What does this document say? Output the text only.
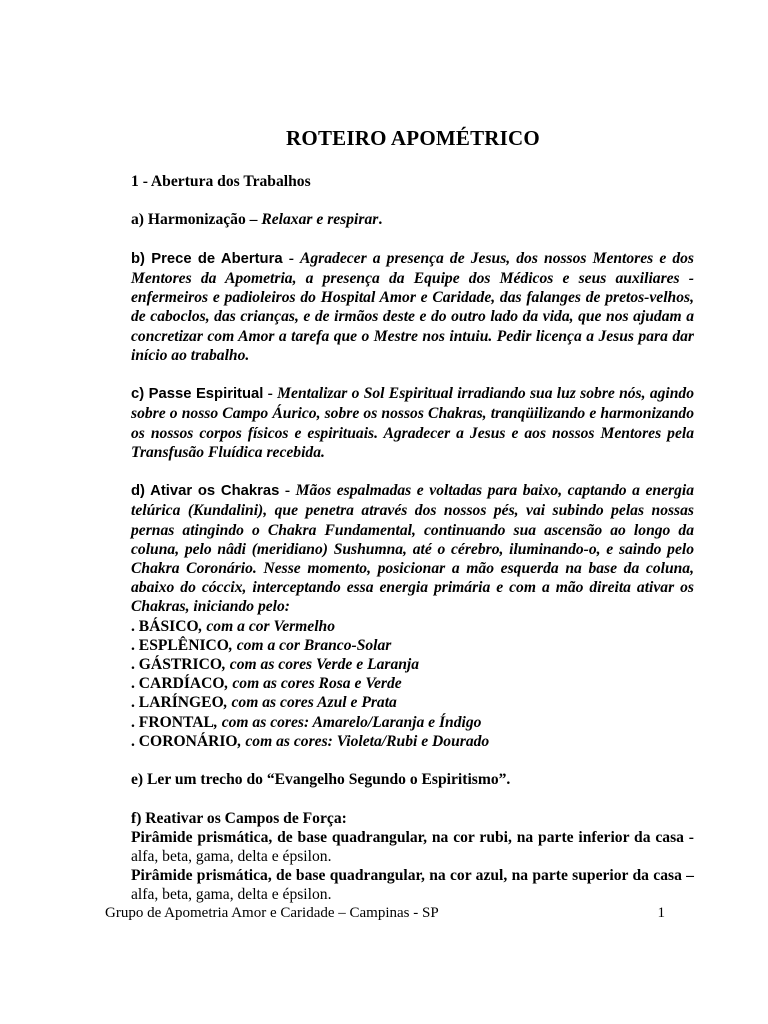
ROTEIRO APOMÉTRICO

1 - Abertura dos Trabalhos

a) Harmonização – Relaxar e respirar.

b) Prece de Abertura - Agradecer a presença de Jesus, dos nossos Mentores e dos Mentores da Apometria, a presença da Equipe dos Médicos e seus auxiliares - enfermeiros e padioleiros do Hospital Amor e Caridade, das falanges de pretos-velhos, de caboclos, das crianças, e de irmãos deste e do outro lado da vida, que nos ajudam a concretizar com Amor a tarefa que o Mestre nos intuiu. Pedir licença a Jesus para dar início ao trabalho.

c) Passe Espiritual - Mentalizar o Sol Espiritual irradiando sua luz sobre nós, agindo sobre o nosso Campo Áurico, sobre os nossos Chakras, tranqüilizando e harmonizando os nossos corpos físicos e espirituais. Agradecer a Jesus e aos nossos Mentores pela Transfusão Fluídica recebida.

d) Ativar os Chakras - Mãos espalmadas e voltadas para baixo, captando a energia telúrica (Kundalini), que penetra através dos nossos pés, vai subindo pelas nossas pernas atingindo o Chakra Fundamental, continuando sua ascensão ao longo da coluna, pelo nâdi (meridiano) Sushumna, até o cérebro, iluminando-o, e saindo pelo Chakra Coronário. Nesse momento, posicionar a mão esquerda na base da coluna, abaixo do cóccix, interceptando essa energia primária e com a mão direita ativar os Chakras, iniciando pelo:

. BÁSICO, com a cor Vermelho

. ESPLÊNICO, com a cor Branco-Solar

. GÁSTRICO, com as cores Verde e Laranja

. CARDÍACO, com as cores Rosa e Verde

. LARÍNGEO, com as cores Azul e Prata

. FRONTAL, com as cores: Amarelo/Laranja e Índigo

. CORONÁRIO, com as cores: Violeta/Rubi e Dourado

e) Ler um trecho do “Evangelho Segundo o Espiritismo”.

f) Reativar os Campos de Força:

Pirâmide prismática, de base quadrangular, na cor rubi, na parte inferior da casa - alfa, beta, gama, delta e épsilon.

Pirâmide prismática, de base quadrangular, na cor azul, na parte superior da casa – alfa, beta, gama, delta e épsilon.

Grupo de Apometria Amor e Caridade – Campinas - SP	1
